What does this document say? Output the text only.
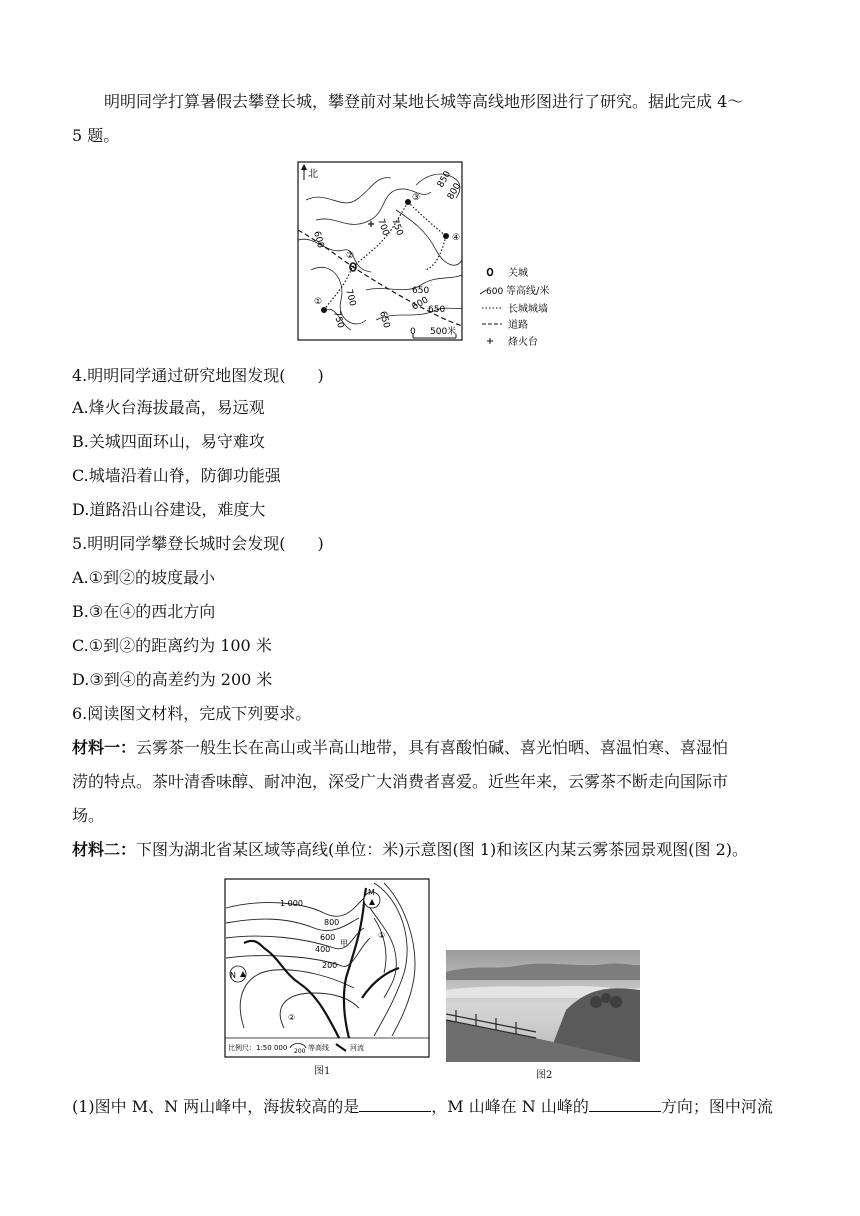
明明同学打算暑假去攀登长城，攀登前对某地长城等高线地形图进行了研究。据此完成 4～
5 题。
北
①
②
③
④
850
800
750
700
600
650
700
750	650
650
600
0 500米
关城
600 等高线/米
长城城墙
道路
烽火台
4.明明同学通过研究地图发现(　　)
A.烽火台海拔最高，易远观
B.关城四面环山，易守难攻
C.城墙沿着山脊，防御功能强
D.道路沿山谷建设，难度大
5.明明同学攀登长城时会发现(　　)
A.①到②的坡度最小
B.③在④的西北方向
C.①到②的距离约为 100 米
D.③到④的高差约为 200 米
6.阅读图文材料，完成下列要求。
材料一：云雾茶一般生长在高山或半高山地带，具有喜酸怕碱、喜光怕晒、喜温怕寒、喜湿怕
涝的特点。茶叶清香味醇、耐冲泡，深受广大消费者喜爱。近些年来，云雾茶不断走向国际市
场。
材料二：下图为湖北省某区域等高线(单位：米)示意图(图 1)和该区内某云雾茶园景观图(图 2)。
M
N
1 000
800
600
400
200
甲
①
②
比例尺：1:50 000 200 等高线	河流
图1	图2
(1)图中 M、N 两山峰中，海拔较高的是	，M 山峰在 N 山峰的	方向；图中河流
